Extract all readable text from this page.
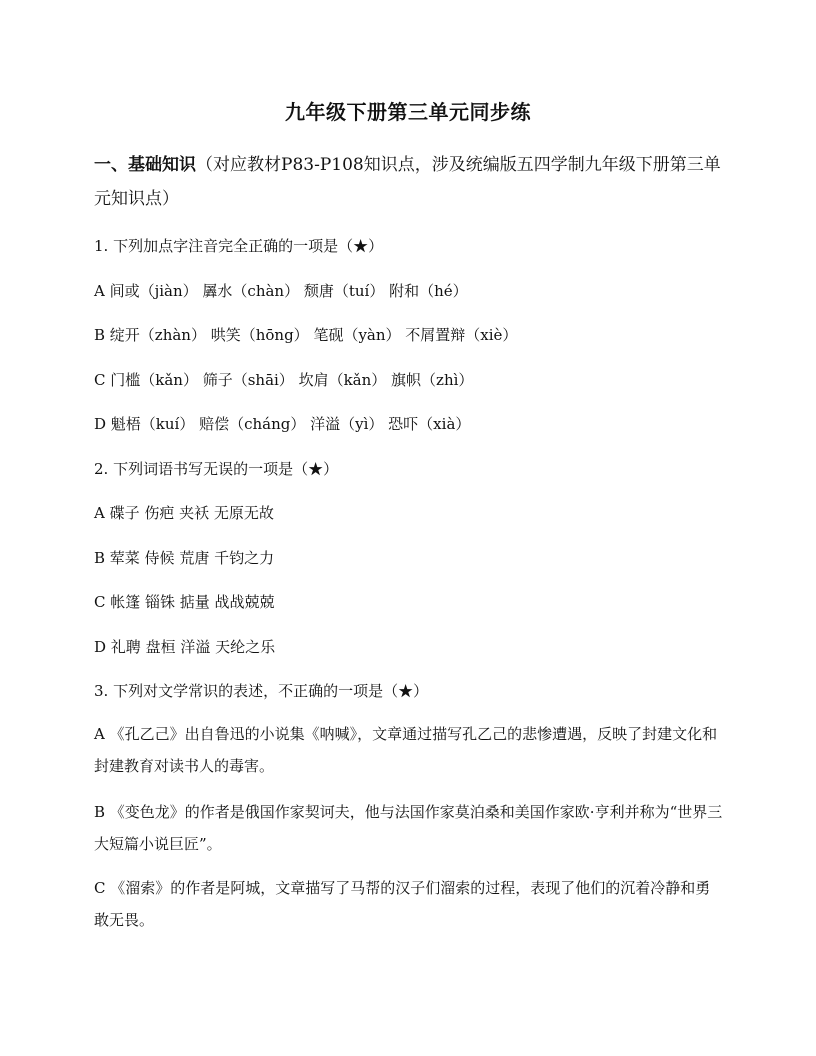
九年级下册第三单元同步练

一、基础知识（对应教材P83-P108知识点，涉及统编版五四学制九年级下册第三单元知识点）

1. 下列加点字注音完全正确的一项是（★）

A 间或（jiàn） 羼水（chàn） 颓唐（tuí） 附和（hé）

B 绽开（zhàn） 哄笑（hōng） 笔砚（yàn） 不屑置辩（xiè）

C 门槛（kǎn） 筛子（shāi） 坎肩（kǎn） 旗帜（zhì）

D 魁梧（kuí） 赔偿（cháng） 洋溢（yì） 恐吓（xià）

2. 下列词语书写无误的一项是（★）

A 碟子 伤疤 夹袄 无原无故

B 荤菜 侍候 荒唐 千钧之力

C 帐篷 锱铢 掂量 战战兢兢

D 礼聘 盘桓 洋溢 天纶之乐

3. 下列对文学常识的表述，不正确的一项是（★）

A 《孔乙己》出自鲁迅的小说集《呐喊》，文章通过描写孔乙己的悲惨遭遇，反映了封建文化和封建教育对读书人的毒害。

B 《变色龙》的作者是俄国作家契诃夫，他与法国作家莫泊桑和美国作家欧·亨利并称为“世界三大短篇小说巨匠”。

C 《溜索》的作者是阿城，文章描写了马帮的汉子们溜索的过程，表现了他们的沉着冷静和勇敢无畏。
